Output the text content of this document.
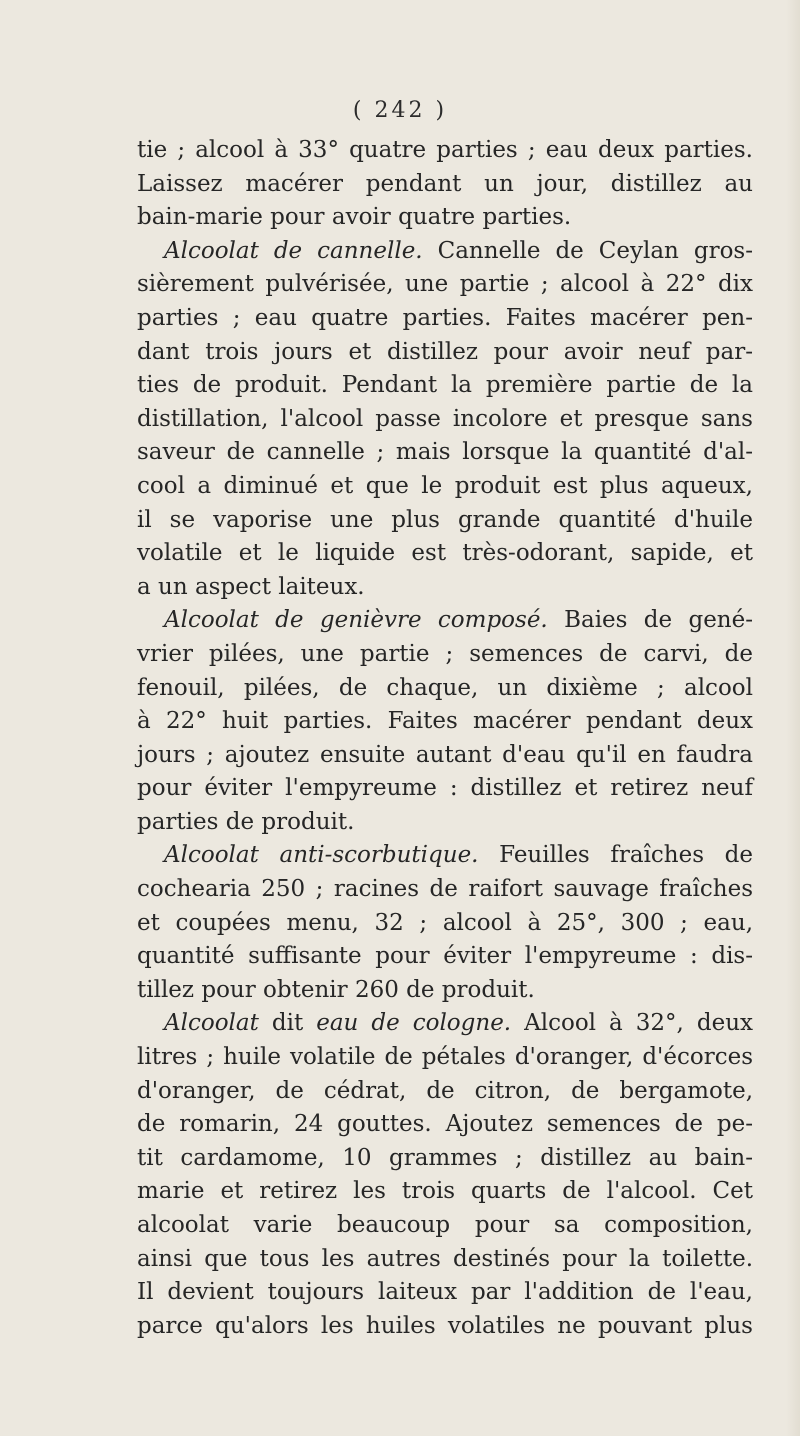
( 242 )
tie ; alcool à 33° quatre parties ; eau deux parties.
Laissez macérer pendant un jour, distillez au
bain-marie pour avoir quatre parties.
Alcoolat de cannelle. Cannelle de Ceylan gros-
sièrement pulvérisée, une partie ; alcool à 22° dix
parties ; eau quatre parties. Faites macérer pen-
dant trois jours et distillez pour avoir neuf par-
ties de produit. Pendant la première partie de la
distillation, l'alcool passe incolore et presque sans
saveur de cannelle ; mais lorsque la quantité d'al-
cool a diminué et que le produit est plus aqueux,
il se vaporise une plus grande quantité d'huile
volatile et le liquide est très-odorant, sapide, et
a un aspect laiteux.
Alcoolat de genièvre composé. Baies de gené-
vrier pilées, une partie ; semences de carvi, de
fenouil, pilées, de chaque, un dixième ; alcool
à 22° huit parties. Faites macérer pendant deux
jours ; ajoutez ensuite autant d'eau qu'il en faudra
pour éviter l'empyreume : distillez et retirez neuf
parties de produit.
Alcoolat anti-scorbutique. Feuilles fraîches de
cochearia 250 ; racines de raifort sauvage fraîches
et coupées menu, 32 ; alcool à 25°, 300 ; eau,
quantité suffisante pour éviter l'empyreume : dis-
tillez pour obtenir 260 de produit.
Alcoolat dit eau de cologne. Alcool à 32°, deux
litres ; huile volatile de pétales d'oranger, d'écorces
d'oranger, de cédrat, de citron, de bergamote,
de romarin, 24 gouttes. Ajoutez semences de pe-
tit cardamome, 10 grammes ; distillez au bain-
marie et retirez les trois quarts de l'alcool. Cet
alcoolat varie beaucoup pour sa composition,
ainsi que tous les autres destinés pour la toilette.
Il devient toujours laiteux par l'addition de l'eau,
parce qu'alors les huiles volatiles ne pouvant plus
